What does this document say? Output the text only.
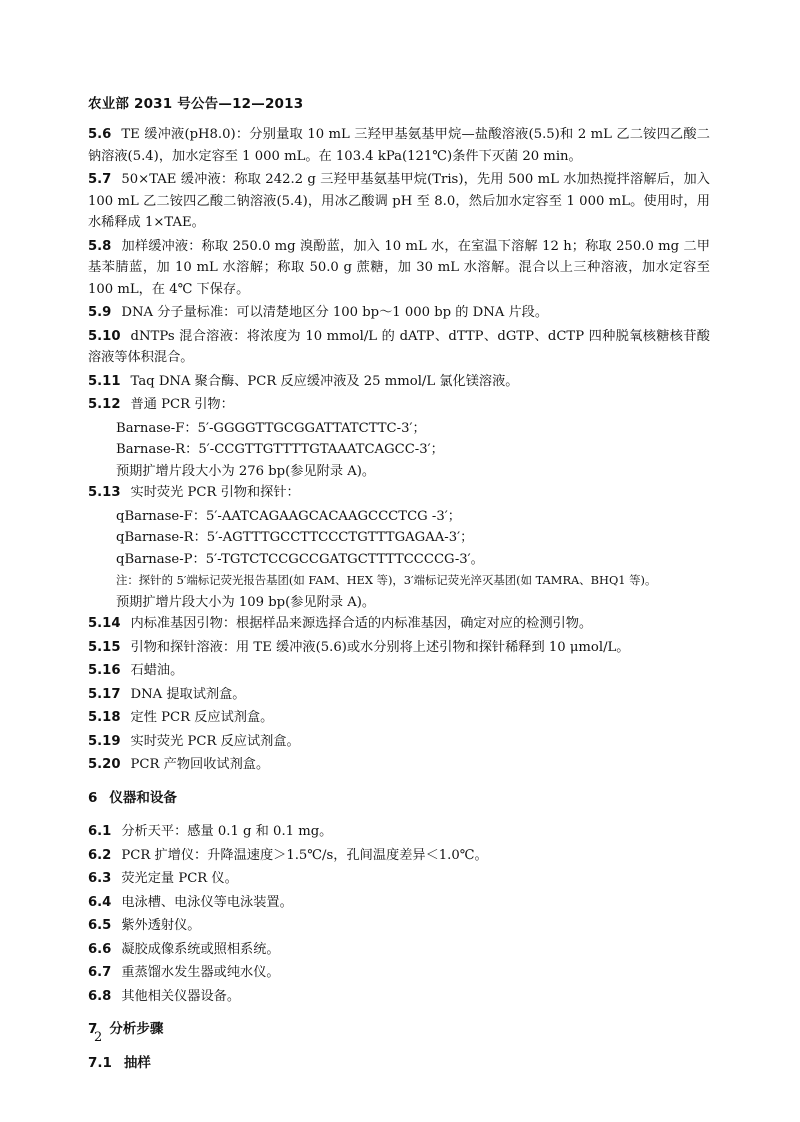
农业部 2031 号公告—12—2013
5.6 TE 缓冲液(pH8.0)：分别量取 10 mL 三羟甲基氨基甲烷—盐酸溶液(5.5)和 2 mL 乙二铵四乙酸二钠溶液(5.4)，加水定容至 1 000 mL。在 103.4 kPa(121℃)条件下灭菌 20 min。
5.7 50×TAE 缓冲液：称取 242.2 g 三羟甲基氨基甲烷(Tris)，先用 500 mL 水加热搅拌溶解后，加入 100 mL 乙二铵四乙酸二钠溶液(5.4)，用冰乙酸调 pH 至 8.0，然后加水定容至 1 000 mL。使用时，用水稀释成 1×TAE。
5.8 加样缓冲液：称取 250.0 mg 溴酚蓝，加入 10 mL 水，在室温下溶解 12 h；称取 250.0 mg 二甲基苯腈蓝，加 10 mL 水溶解；称取 50.0 g 蔗糖，加 30 mL 水溶解。混合以上三种溶液，加水定容至 100 mL，在 4℃ 下保存。
5.9 DNA 分子量标准：可以清楚地区分 100 bp～1 000 bp 的 DNA 片段。
5.10 dNTPs 混合溶液：将浓度为 10 mmol/L 的 dATP、dTTP、dGTP、dCTP 四种脱氧核糖核苷酸溶液等体积混合。
5.11 Taq DNA 聚合酶、PCR 反应缓冲液及 25 mmol/L 氯化镁溶液。
5.12 普通 PCR 引物：
Barnase-F：5′-GGGGTTGCGGATTATCTTC-3′；
Barnase-R：5′-CCGTTGTTTTGTAAATCAGCC-3′；
预期扩增片段大小为 276 bp(参见附录 A)。
5.13 实时荧光 PCR 引物和探针：
qBarnase-F：5′-AATCAGAAGCACAAGCCCTCG -3′；
qBarnase-R：5′-AGTTTGCCTTCCCTGTTTGAGAA-3′；
qBarnase-P：5′-TGTCTCCGCCGATGCTTTTCCCCG-3′。
注：探针的 5′端标记荧光报告基团(如 FAM、HEX 等)，3′端标记荧光淬灭基团(如 TAMRA、BHQ1 等)。
预期扩增片段大小为 109 bp(参见附录 A)。
5.14 内标准基因引物：根据样品来源选择合适的内标准基因，确定对应的检测引物。
5.15 引物和探针溶液：用 TE 缓冲液(5.6)或水分别将上述引物和探针稀释到 10 μmol/L。
5.16 石蜡油。
5.17 DNA 提取试剂盒。
5.18 定性 PCR 反应试剂盒。
5.19 实时荧光 PCR 反应试剂盒。
5.20 PCR 产物回收试剂盒。
6 仪器和设备
6.1 分析天平：感量 0.1 g 和 0.1 mg。
6.2 PCR 扩增仪：升降温速度＞1.5℃/s，孔间温度差异＜1.0℃。
6.3 荧光定量 PCR 仪。
6.4 电泳槽、电泳仪等电泳装置。
6.5 紫外透射仪。
6.6 凝胶成像系统或照相系统。
6.7 重蒸馏水发生器或纯水仪。
6.8 其他相关仪器设备。
7 分析步骤
7.1 抽样
2
